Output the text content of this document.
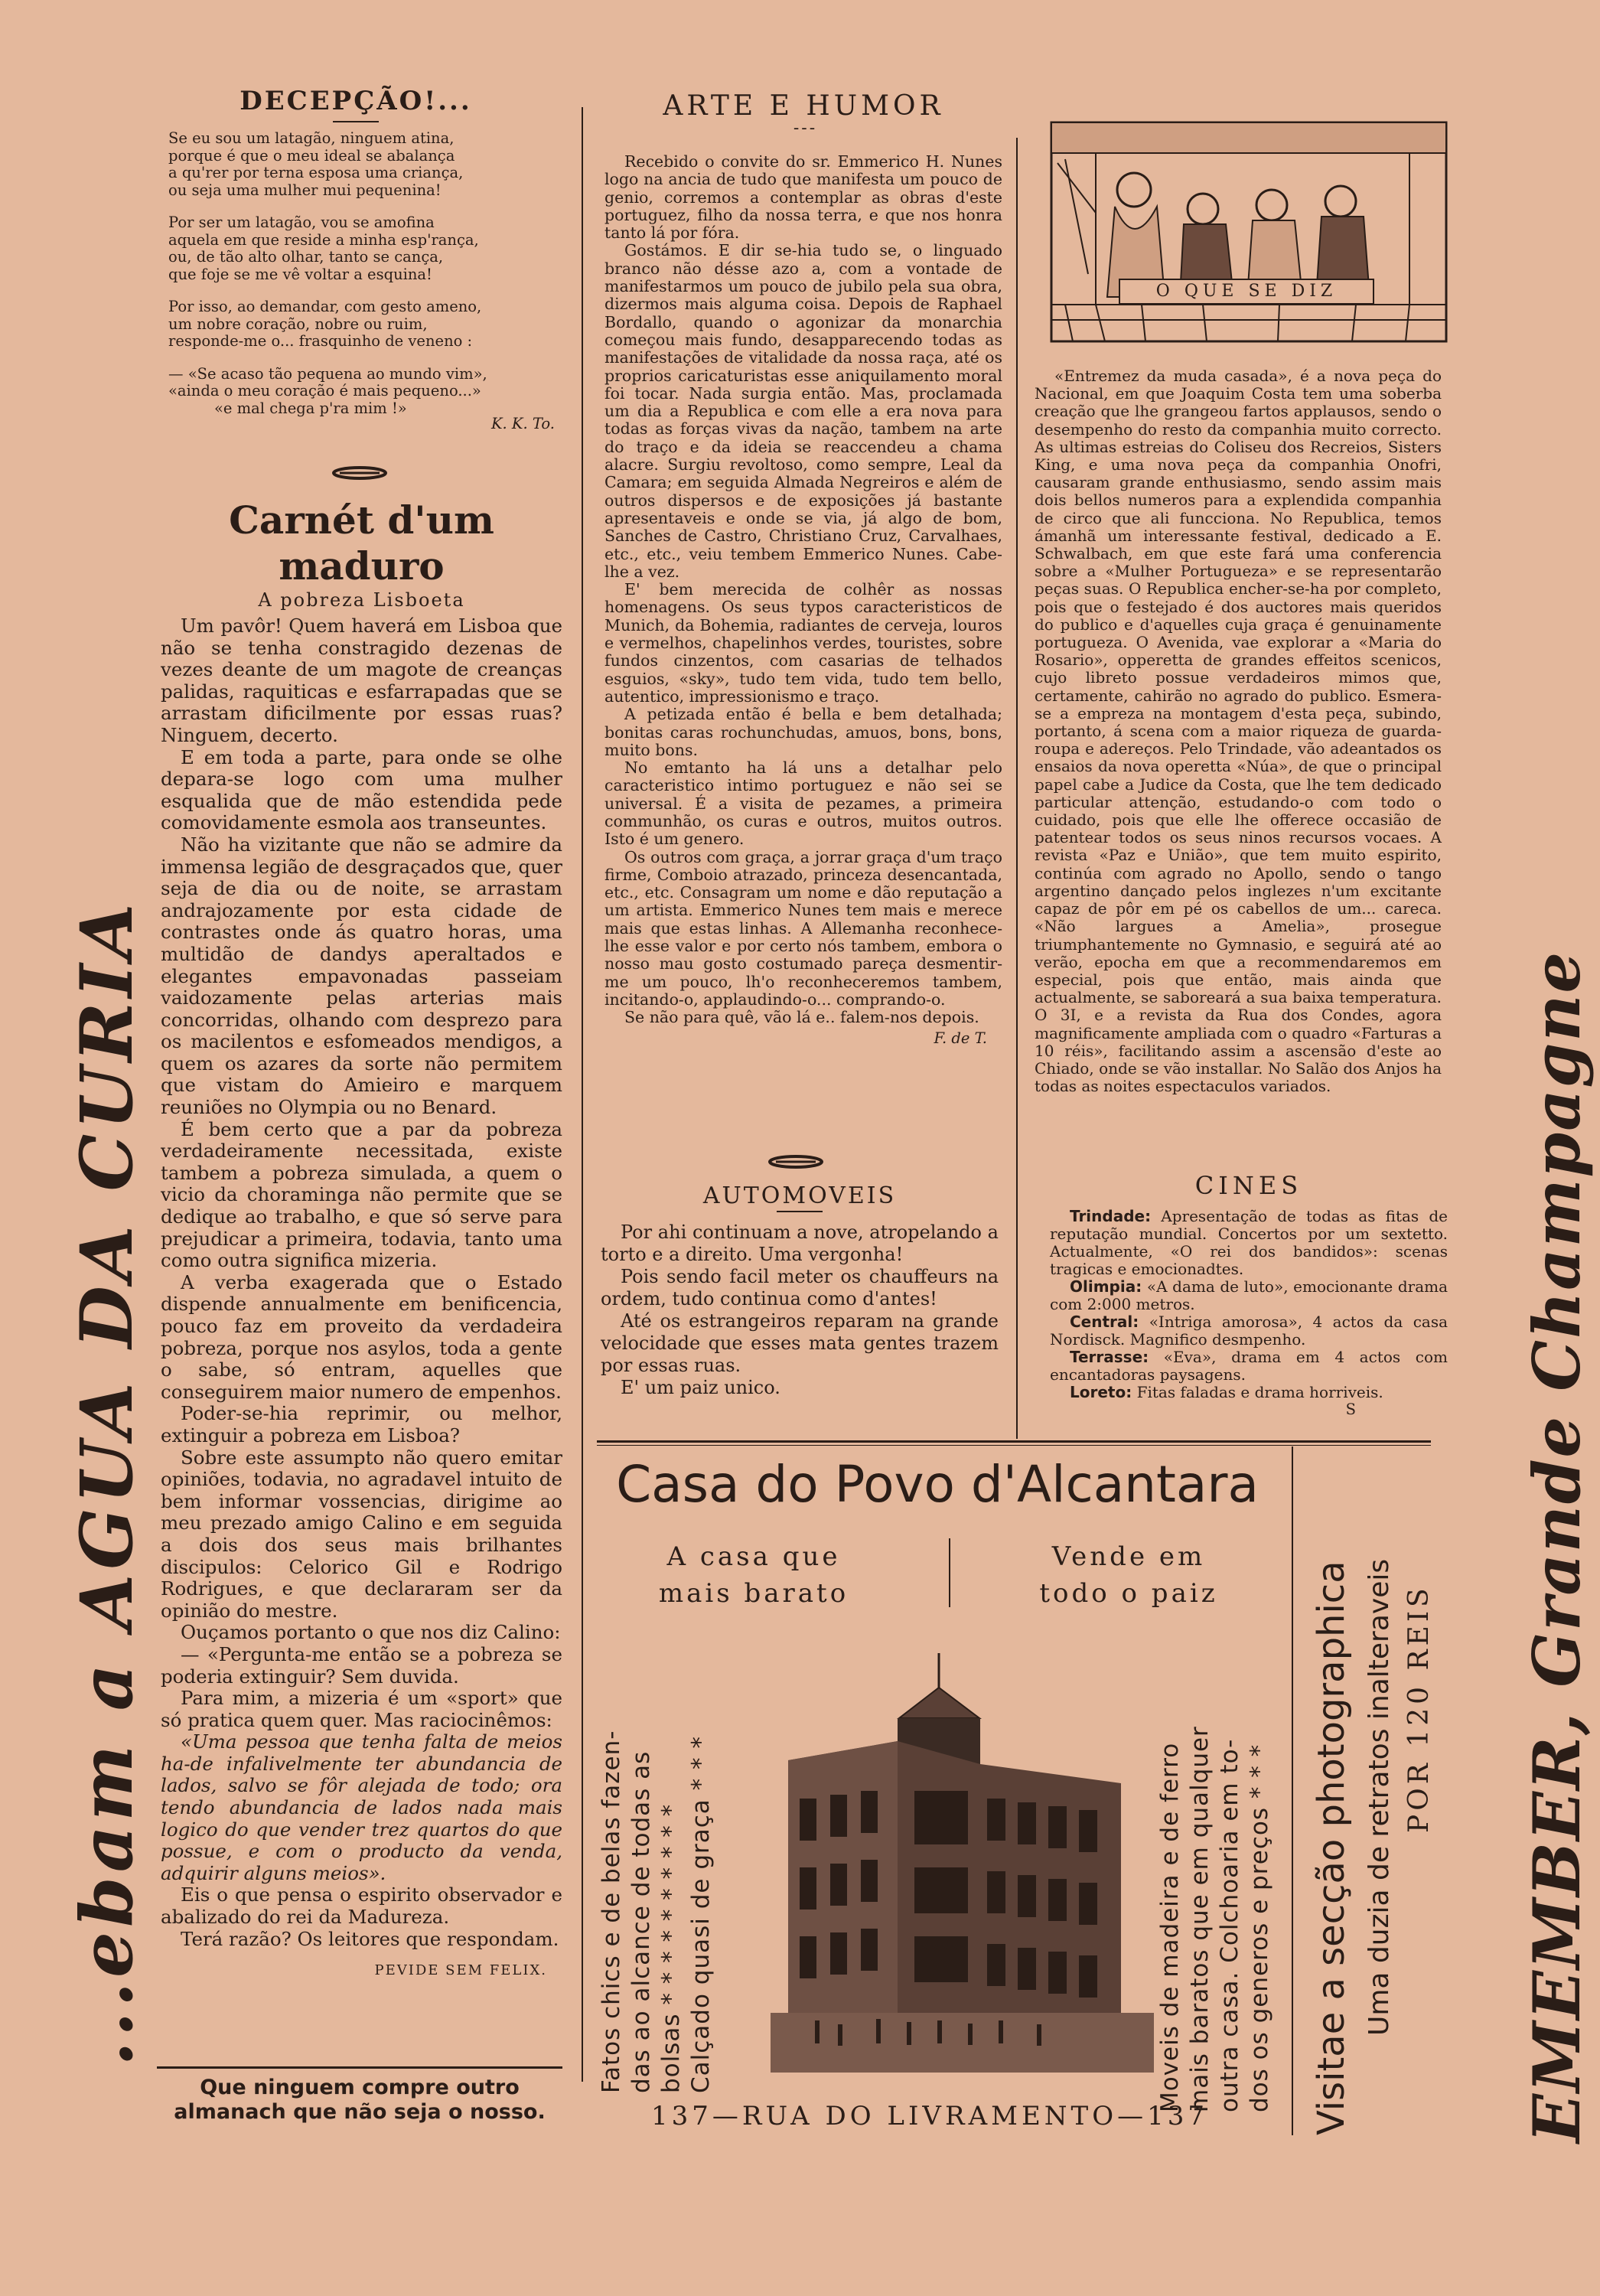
...ebam a AGUA DA CURIA	EMEMBER, Grande Champagne
DECEPÇÃO!...

Se eu sou um latagão, ninguem atina,

porque é que o meu ideal se abalança

a qu'rer por terna esposa uma criança,

ou seja uma mulher mui pequenina!

Por ser um latagão, vou se amofina

aquela em que reside a minha esp'rança,

ou, de tão alto olhar, tanto se cança,

que foje se me vê voltar a esquina!

Por isso, ao demandar, com gesto ameno,

um nobre coração, nobre ou ruim,

responde-me o... frasquinho de veneno :

— «Se acaso tão pequena ao mundo vim»,

«ainda o meu coração é mais pequeno...»

«e mal chega p'ra mim !»

K. K. To.
Carnét d'um maduro
A pobreza Lisboeta

Um pavôr! Quem haverá em Lisboa que não se tenha constragido dezenas de vezes deante de um magote de creanças palidas, raquiticas e esfarrapadas que se arrastam dificilmente por essas ruas? Ninguem, decerto.

E em toda a parte, para onde se olhe depara-se logo com uma mulher esqualida que de mão estendida pede comovidamente esmola aos transeuntes.

Não ha vizitante que não se admire da immensa legião de desgraçados que, quer seja de dia ou de noite, se arrastam andrajozamente por esta cidade de contrastes onde ás quatro horas, uma multidão de dandys aperaltados e elegantes empavonadas passeiam vaidozamente pelas arterias mais concorridas, olhando com desprezo para os macilentos e esfomeados mendigos, a quem os azares da sorte não permitem que vistam do Amieiro e marquem reuniões no Olympia ou no Benard.

É bem certo que a par da pobreza verdadeiramente necessitada, existe tambem a pobreza simulada, a quem o vicio da choraminga não permite que se dedique ao trabalho, e que só serve para prejudicar a primeira, todavia, tanto uma como outra significa mizeria.

A verba exagerada que o Estado dispende annualmente em benificencia, pouco faz em proveito da verdadeira pobreza, porque nos asylos, toda a gente o sabe, só entram, aquelles que conseguirem maior numero de empenhos.

Poder-se-hia reprimir, ou melhor, extinguir a pobreza em Lisboa?

Sobre este assumpto não quero emitar opiniões, todavia, no agradavel intuito de bem informar vossencias, dirigime ao meu prezado amigo Calino e em seguida a dois dos seus mais brilhantes discipulos: Celorico Gil e Rodrigo Rodrigues, e que declararam ser da opinião do mestre.

Ouçamos portanto o que nos diz Calino:

— «Pergunta-me então se a pobreza se poderia extinguir? Sem duvida.

Para mim, a mizeria é um «sport» que só pratica quem quer. Mas raciocinêmos:

«Uma pessoa que tenha falta de meios ha-de infalivelmente ter abundancia de lados, salvo se fôr alejada de todo; ora tendo abundancia de lados nada mais logico do que vender trez quartos do que possue, e com o producto da venda, adquirir alguns meios».

Eis o que pensa o espirito observador e abalizado do rei da Madureza.

Terá razão? Os leitores que respondam.

PEVIDE SEM FELIX.
Que ninguem compre outro almanach que não seja o nosso.
ARTE E HUMOR
- - -

Recebido o convite do sr. Emmerico H. Nunes logo na ancia de tudo que manifesta um pouco de genio, corremos a contemplar as obras d'este portuguez, filho da nossa terra, e que nos honra tanto lá por fóra.

Gostámos. E dir se-hia tudo se, o linguado branco não désse azo a, com a vontade de manifestarmos um pouco de jubilo pela sua obra, dizermos mais alguma coisa. Depois de Raphael Bordallo, quando o agonizar da monarchia começou mais fundo, desapparecendo todas as manifestações de vitalidade da nossa raça, até os proprios caricaturistas esse aniquilamento moral foi tocar. Nada surgia então. Mas, proclamada um dia a Republica e com elle a era nova para todas as forças vivas da nação, tambem na arte do traço e da ideia se reaccendeu a chama alacre. Surgiu revoltoso, como sempre, Leal da Camara; em seguida Almada Negreiros e além de outros dispersos e de exposições já bastante apresentaveis e onde se via, já algo de bom, Sanches de Castro, Christiano Cruz, Carvalhaes, etc., etc., veiu tembem Emmerico Nunes. Cabe-lhe a vez.

E' bem merecida de colhêr as nossas homenagens. Os seus typos caracteristicos de Munich, da Bohemia, radiantes de cerveja, louros e vermelhos, chapelinhos verdes, touristes, sobre fundos cinzentos, com casarias de telhados esguios, «sky», tudo tem vida, tudo tem bello, autentico, impressionismo e traço.

A petizada então é bella e bem detalhada; bonitas caras rochunchudas, amuos, bons, bons, muito bons.

No emtanto ha lá uns a detalhar pelo caracteristico intimo portuguez e não sei se universal. É a visita de pezames, a primeira communhão, os curas e outros, muitos outros. Isto é um genero.

Os outros com graça, a jorrar graça d'um traço firme, Comboio atrazado, princeza desencantada, etc., etc. Consagram um nome e dão reputação a um artista. Emmerico Nunes tem mais e merece mais que estas linhas. A Allemanha reconhece-lhe esse valor e por certo nós tambem, embora o nosso mau gosto costumado pareça desmentir-me um pouco, lh'o reconheceremos tambem, incitando-o, applaudindo-o... comprando-o.

Se não para quê, vão lá e.. falem-nos depois.

F. de T.
AUTOMOVEIS

Por ahi continuam a nove, atropelando a torto e a direito. Uma vergonha!

Pois sendo facil meter os chauffeurs na ordem, tudo continua como d'antes!

Até os estrangeiros reparam na grande velocidade que esses mata gentes trazem por essas ruas.

E' um paiz unico.

O QUE SE DIZ

«Entremez da muda casada», é a nova peça do Nacional, em que Joaquim Costa tem uma soberba creação que lhe grangeou fartos applausos, sendo o desempenho do resto da companhia muito correcto. As ultimas estreias do Coliseu dos Recreios, Sisters King, e uma nova peça da companhia Onofri, causaram grande enthusiasmo, sendo assim mais dois bellos numeros para a explendida companhia de circo que ali funcciona. No Republica, temos ámanhã um interessante festival, dedicado a E. Schwalbach, em que este fará uma conferencia sobre a «Mulher Portugueza» e se representarão peças suas. O Republica encher-se-ha por completo, pois que o festejado é dos auctores mais queridos do publico e d'aquelles cuja graça é genuinamente portugueza. O Avenida, vae explorar a «Maria do Rosario», opperetta de grandes effeitos scenicos, cujo libreto possue verdadeiros mimos que, certamente, cahirão no agrado do publico. Esmera-se a empreza na montagem d'esta peça, subindo, portanto, á scena com a maior riqueza de guarda-roupa e adereços. Pelo Trindade, vão adeantados os ensaios da nova operetta «Núa», de que o principal papel cabe a Judice da Costa, que lhe tem dedicado particular attenção, estudando-o com todo o cuidado, pois que elle lhe offerece occasião de patentear todos os seus ninos recursos vocaes. A revista «Paz e União», que tem muito espirito, continúa com agrado no Apollo, sendo o tango argentino dançado pelos inglezes n'um excitante capaz de pôr em pé os cabellos de um... careca. «Não largues a Amelia», prosegue triumphantemente no Gymnasio, e seguirá até ao verão, epocha em que a recommendaremos em especial, pois que então, mais ainda que actualmente, se saboreará a sua baixa temperatura. O 3I, e a revista da Rua dos Condes, agora magnificamente ampliada com o quadro «Farturas a 10 réis», facilitando assim a ascensão d'este ao Chiado, onde se vão installar. No Salão dos Anjos ha todas as noites espectaculos variados.

CINES

Trindade: Apresentação de todas as fitas de reputação mundial. Concertos por um sextetto. Actualmente, «O rei dos bandidos»: scenas tragicas e emocionadtes.

Olimpia: «A dama de luto», emocionante drama com 2:000 metros.

Central: «Intriga amorosa», 4 actos da casa Nordisck. Magnifico desmpenho.

Terrasse: «Eva», drama em 4 actos com encantadoras paysagens.

Loreto: Fitas faladas e drama horriveis.

S
Casa do Povo d'Alcantara

A casa que

mais barato

Vende em

todo o paiz

Fatos chics e de belas fazen- das ao alcance de todas as bolsas * * * * * * * * * * Calçado quasi de graça * * *	Moveis de madeira e de ferro mais baratos que em qualquer outra casa. Colchoaria em to- dos os generos e preços * * *

137—RUA DO LIVRAMENTO—137	Visitae a secção photographica Uma duzia de retratos inalteraveis POR 120 REIS
